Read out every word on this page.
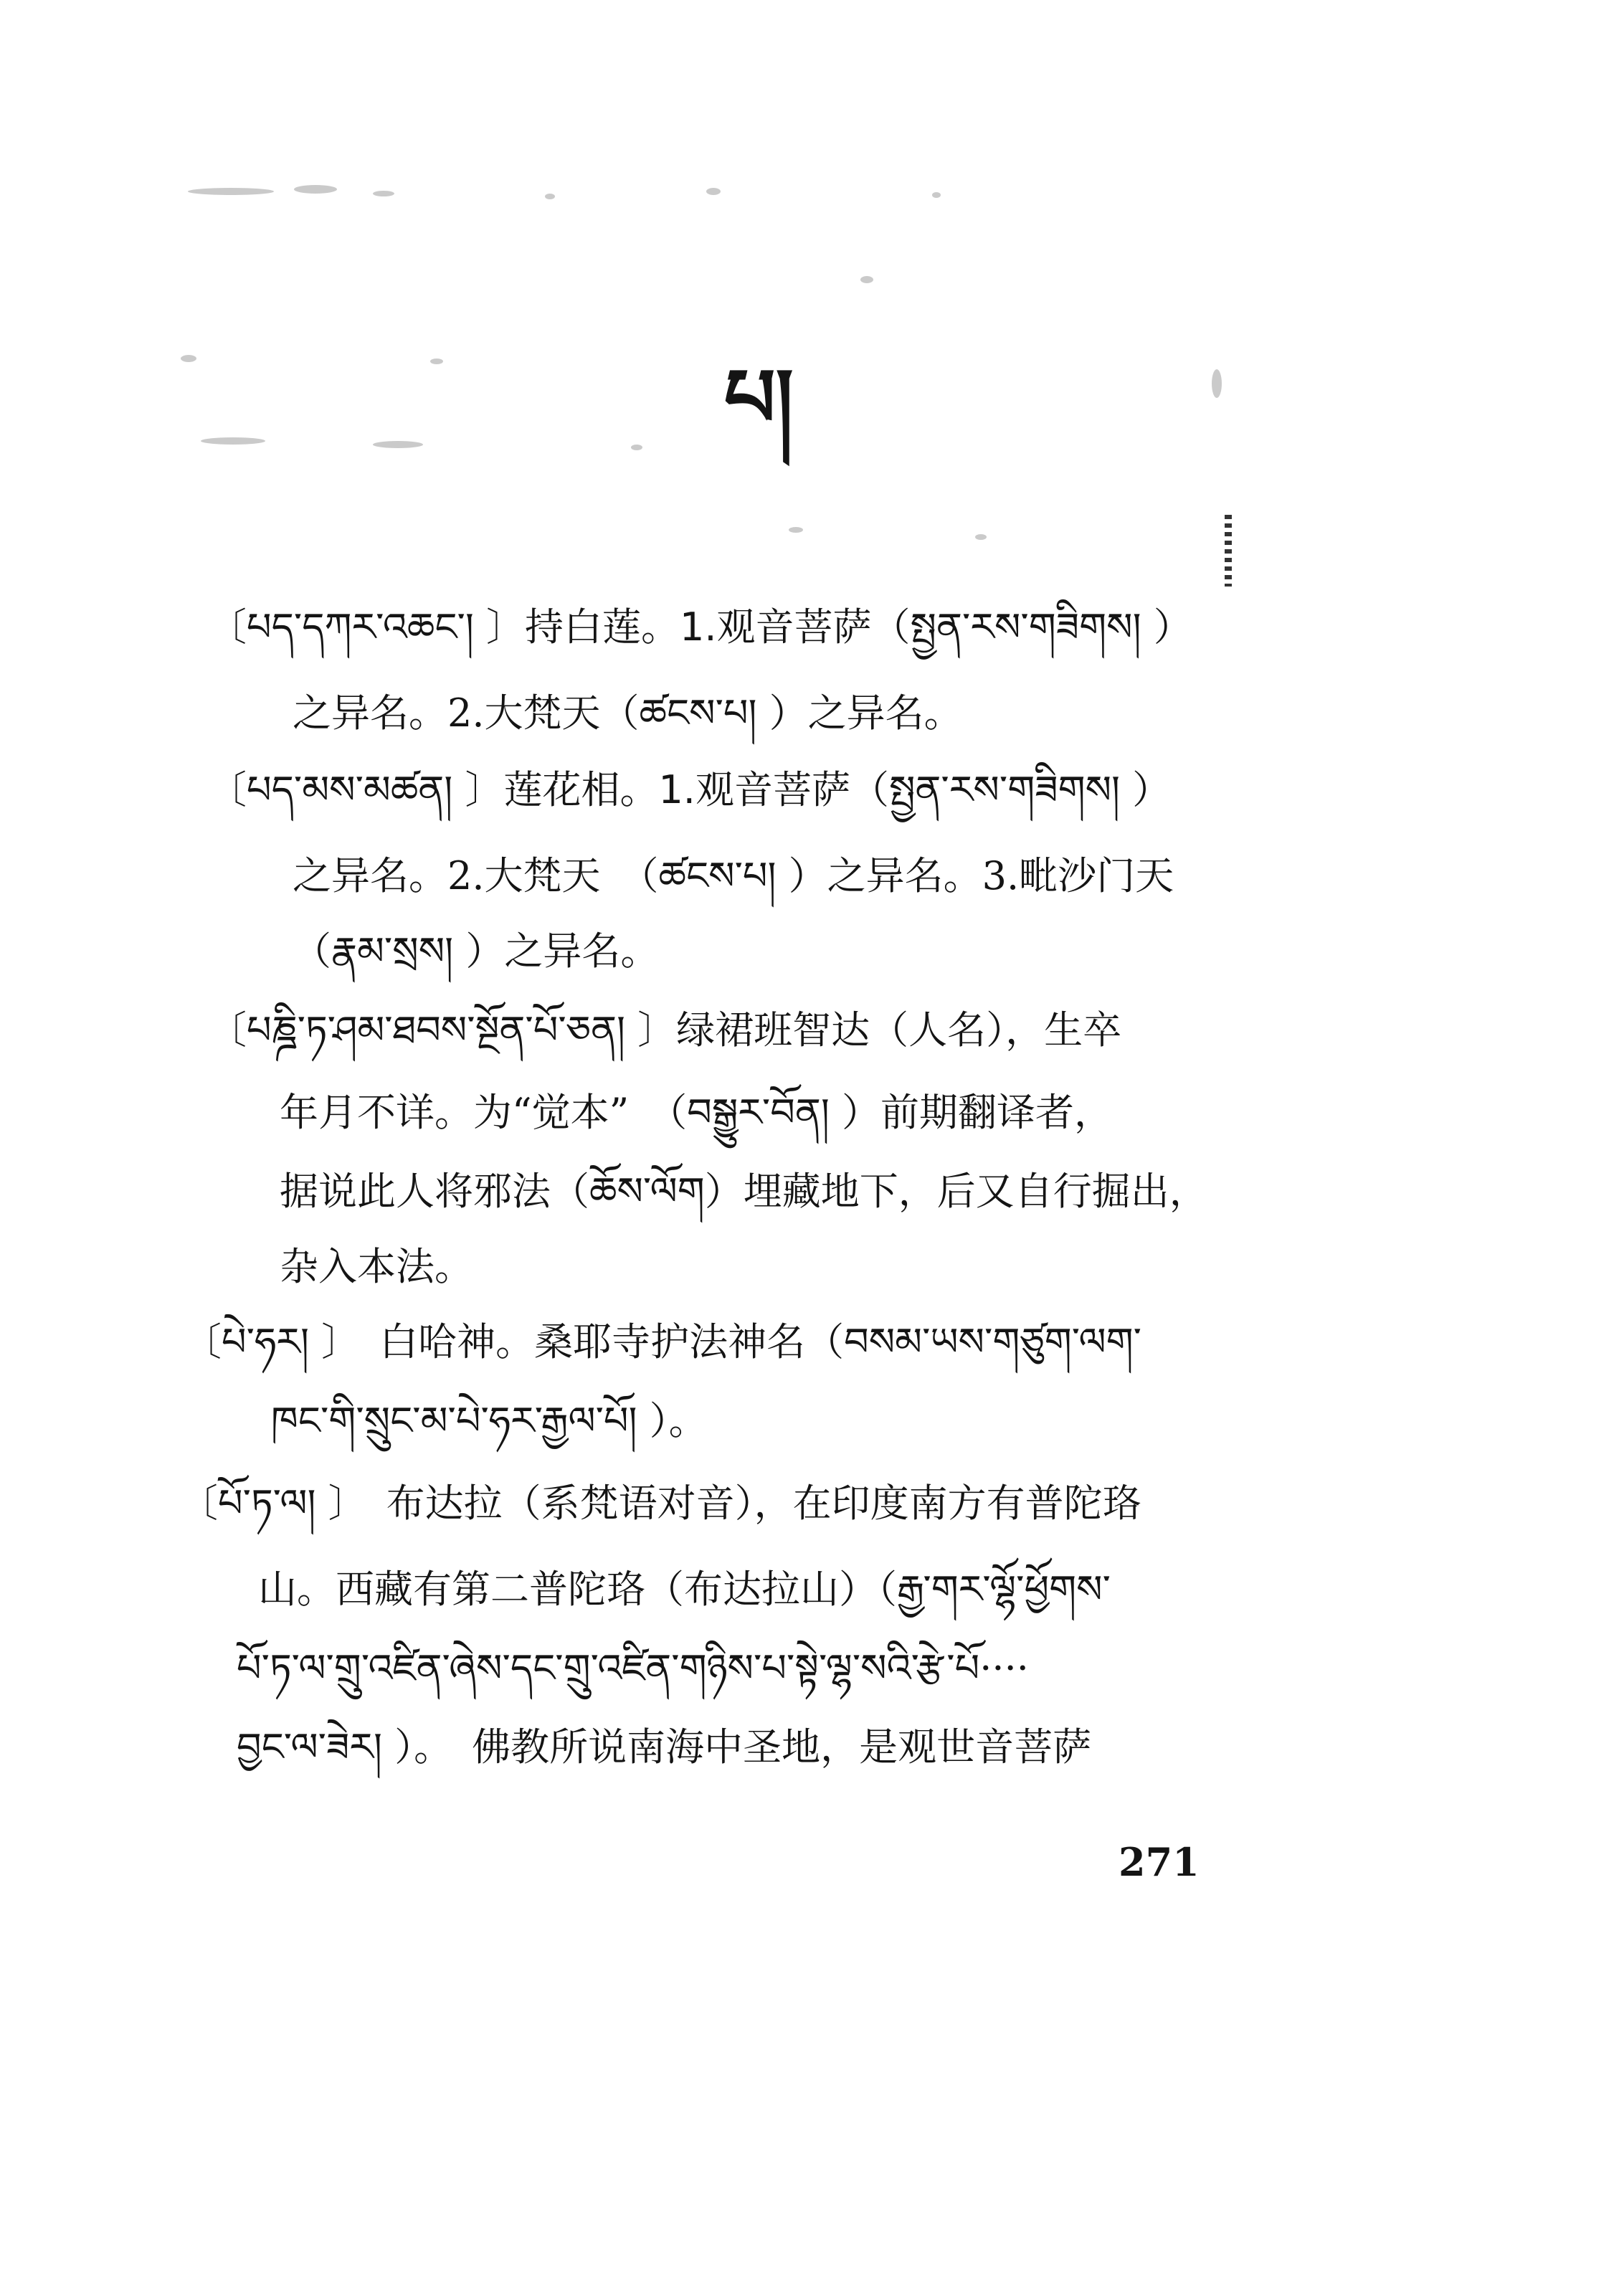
པ།
〔པད་དཀར་འཆང་། 〕持白莲。1.观音菩萨（སྤྱན་རས་གཟིགས། ）
之异名。2.大梵天（ཚངས་པ། ）之异名。
〔པད་མས་མཚན། 〕莲花相。1.观音菩萨（སྤྱན་རས་གཟིགས། ）
之异名。2.大梵天　（ཚངས་པ། ）之异名。3.毗沙门天
（རྣམ་སྲས། ）之异名。
〔པཎྜི་ཏ་ཤམ་ཐབས་སྔོན་པོ་ཅན། 〕绿裙班智达（人名），生卒
年月不详。为“觉本”　（བསྒྱུར་བོན། ）前期翻译者，
据说此人将邪法（ཆོས་ལོག）埋藏地下，后又自行掘出，
杂入本法。
〔པེ་ཧར། 〕　白哈神。桑耶寺护法神名（བསམ་ཡས་གཙུག་ལག་
ཁང་གི་སྲུང་མ་པེ་ཧར་རྒྱལ་པོ། ）。
〔པོ་ཏ་ལ། 〕　布达拉（系梵语对音），在印度南方有普陀珞
山。西藏有第二普陀珞（布达拉山）（རྒྱ་གར་ལྷོ་ཕྱོགས་
པོ་ཏ་ལ་གྲུ་འཛིན་ཞེས་དང་གྲུ་འཛིན་གཉིས་པ་སྟེ་ལྷ་སའི་རྩེ་པོ····
བྱང་ལ་ཟེར། ）。　佛教所说南海中圣地，是观世音菩萨
271
